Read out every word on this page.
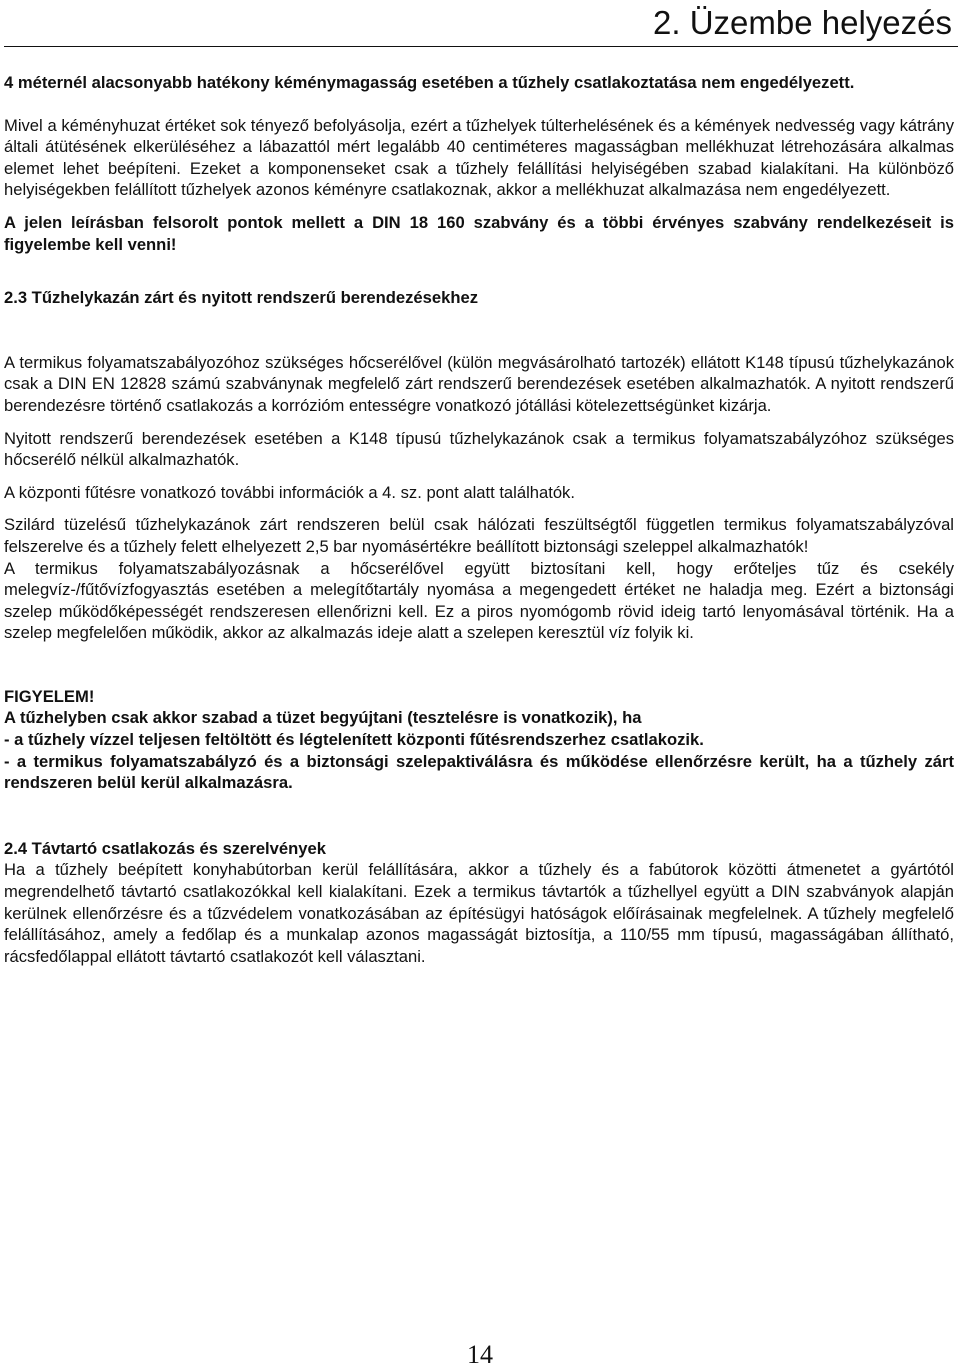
2. Üzembe helyezés

4 méternél alacsonyabb hatékony kéménymagasság esetében a tűzhely csatlakoztatása nem engedélyezett.

Mivel a kéményhuzat értéket sok tényező befolyásolja, ezért a tűzhelyek túlterhelésének és a kémények nedvesség vagy kátrány általi átütésének elkerüléséhez a lábazattól mért legalább 40 centiméteres magasságban mellékhuzat létrehozására alkalmas elemet lehet beépíteni. Ezeket a komponenseket csak a tűzhely felállítási helyiségében szabad kialakítani. Ha különböző helyiségekben felállított tűzhelyek azonos kéményre csatlakoznak, akkor a mellékhuzat alkalmazása nem engedélyezett.

A jelen leírásban felsorolt pontok mellett a DIN 18 160 szabvány és a többi érvényes szabvány rendelkezéseit is figyelembe kell venni!

2.3 Tűzhelykazán zárt és nyitott rendszerű berendezésekhez

A termikus folyamatszabályozóhoz szükséges hőcserélővel (külön megvásárolható tartozék) ellátott K148 típusú tűzhelykazánok csak a DIN EN 12828 számú szabványnak megfelelő zárt rendszerű berendezések esetében alkalmazhatók. A nyitott rendszerű berendezésre történő csatlakozás a korrózióm entességre vonatkozó jótállási kötelezettségünket kizárja.

Nyitott rendszerű berendezések esetében a K148 típusú tűzhelykazánok csak a termikus folyamatszabályzóhoz szükséges hőcserélő nélkül alkalmazhatók.

A központi fűtésre vonatkozó további információk a 4. sz. pont alatt találhatók.

Szilárd tüzelésű tűzhelykazánok zárt rendszeren belül csak hálózati feszültségtől független termikus folyamatszabályzóval felszerelve és a tűzhely felett elhelyezett 2,5 bar nyomásértékre beállított biztonsági szeleppel alkalmazhatók!

A termikus folyamatszabályozásnak a hőcserélővel együtt biztosítani kell, hogy erőteljes tűz és csekély melegvíz-/fűtővízfogyasztás esetében a melegítőtartály nyomása a megengedett értéket ne haladja meg. Ezért a biztonsági szelep működőképességét rendszeresen ellenőrizni kell. Ez a piros nyomógomb rövid ideig tartó lenyomásával történik. Ha a szelep megfelelően működik, akkor az alkalmazás ideje alatt a szelepen keresztül víz folyik ki.

FIGYELEM!
A tűzhelyben csak akkor szabad a tüzet begyújtani (tesztelésre is vonatkozik), ha
- a tűzhely vízzel teljesen feltöltött és légtelenített központi fűtésrendszerhez csatlakozik.

- a termikus folyamatszabályzó és a biztonsági szelepaktiválásra és működése ellenőrzésre került, ha a tűzhely zárt rendszeren belül kerül alkalmazásra.

2.4 Távtartó csatlakozás és szerelvények

Ha a tűzhely beépített konyhabútorban kerül felállítására, akkor a tűzhely és a fabútorok közötti átmenetet a gyártótól megrendelhető távtartó csatlakozókkal kell kialakítani. Ezek a termikus távtartók a tűzhellyel együtt a DIN szabványok alapján kerülnek ellenőrzésre és a tűzvédelem vonatkozásában az építésügyi hatóságok előírásainak megfelelnek. A tűzhely megfelelő felállításához, amely a fedőlap és a munkalap azonos magasságát biztosítja, a 110/55 mm típusú, magasságában állítható, rácsfedőlappal ellátott távtartó csatlakozót kell választani.

14
